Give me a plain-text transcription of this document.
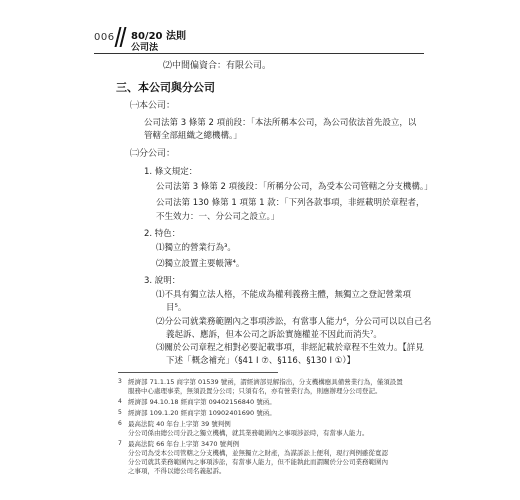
006 80/20 法則
公司法
⑵中間偏資合：有限公司。
三、本公司與分公司
㈠本公司：
公司法第 3 條第 2 項前段：「本法所稱本公司，為公司依法首先設立，以
管轄全部組織之總機構。」
㈡分公司：
1. 條文規定：
公司法第 3 條第 2 項後段：「所稱分公司，為受本公司管轄之分支機構。」
公司法第 130 條第 1 項第 1 款：「下列各款事項，非經載明於章程者，
不生效力：一、分公司之設立。」
2. 特色：
⑴獨立的營業行為³。
⑵獨立設置主要帳簿⁴。
3. 說明：
⑴不具有獨立法人格，不能成為權利義務主體，無獨立之登記營業項
目⁵。
⑵分公司就業務範圍內之事項涉訟，有當事人能力⁶，分公司可以以自己名
義起訴、應訴，但本公司之訴訟實施權並不因此而消失⁷。
⑶關於公司章程之相對必要記載事項，非經記載於章程不生效力。【詳見
下述「概念補充」（§41 Ⅰ ⑦、§116、§130 Ⅰ ①）】
3 經濟部 71.1.15 商字第 01539 號函，謂經濟部見解指出，分支機構應具備營業行為，僅須設置
服務中心處理事業，無須設置分公司；只須有名，亦有營業行為，則應辦理分公司登記。
4 經濟部 94.10.18 經商字第 09402156840 號函。
5 經濟部 109.1.20 經商字第 10902401690 號函。
6 最高法院 40 年台上字第 39 號判例
分公司係由總公司分設之獨立機構，就其業務範圍內之事項涉訟時，有當事人能力。
7 最高法院 66 年台上字第 3470 號判例
分公司為受本公司管轄之分支機構，並無獨立之財產，為謀訴訟上便利，現行判例雖從寬認
分公司就其業務範圍內之事項涉訟，有當事人能力，但不能執此而謂關於分公司業務範圍內
之事項，不得以總公司名義起訴。
